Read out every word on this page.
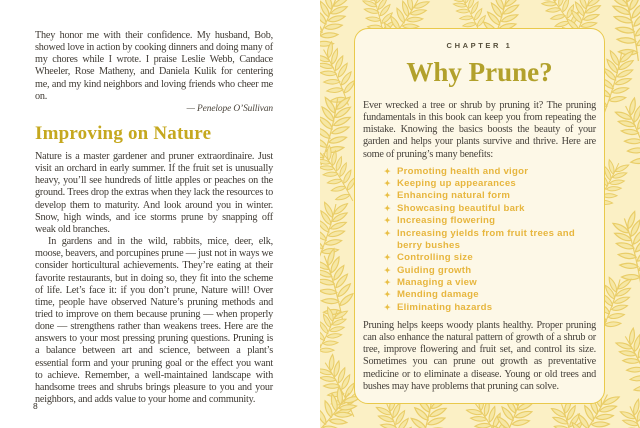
They honor me with their confidence. My husband, Bob, showed love in action by cooking dinners and doing many of my chores while I wrote. I praise Leslie Webb, Candace Wheeler, Rose Matheny, and Daniela Kulik for centering me, and my kind neighbors and loving friends who cheer me on.

— Penelope O’Sullivan

Improving on Nature

Nature is a master gardener and pruner extraordinaire. Just visit an orchard in early summer. If the fruit set is unusually heavy, you’ll see hundreds of little apples or peaches on the ground. Trees drop the extras when they lack the resources to develop them to maturity. And look around you in winter. Snow, high winds, and ice storms prune by snapping off weak old branches.

In gardens and in the wild, rabbits, mice, deer, elk, moose, beavers, and porcupines prune — just not in ways we consider horticultural achievements. They’re eating at their favorite restaurants, but in doing so, they fit into the scheme of life. Let’s face it: if you don’t prune, Nature will! Over time, people have observed Nature’s pruning methods and tried to improve on them because pruning — when properly done — strengthens rather than weakens trees. Here are the answers to your most pressing pruning questions. Pruning is a balance between art and science, between a plant’s essential form and your pruning goal or the effect you want to achieve. Remember, a well-maintained landscape with handsome trees and shrubs brings pleasure to you and your neighbors, and adds value to your home and community.

8
CHAPTER 1
Why Prune?

Ever wrecked a tree or shrub by pruning it? The pruning fundamentals in this book can keep you from repeating the mistake. Knowing the basics boosts the beauty of your garden and helps your plants survive and thrive. Here are some of pruning’s many benefits:

✦ Promoting health and vigor
✦ Keeping up appearances
✦ Enhancing natural form
✦ Showcasing beautiful bark
✦ Increasing flowering
✦ Increasing yields from fruit trees and berry bushes
✦ Controlling size
✦ Guiding growth
✦ Managing a view
✦ Mending damage
✦ Eliminating hazards

Pruning helps keeps woody plants healthy. Proper pruning can also enhance the natural pattern of growth of a shrub or tree, improve flowering and fruit set, and control its size. Sometimes you can prune out growth as preventative medicine or to eliminate a disease. Young or old trees and bushes may have problems that pruning can solve.
